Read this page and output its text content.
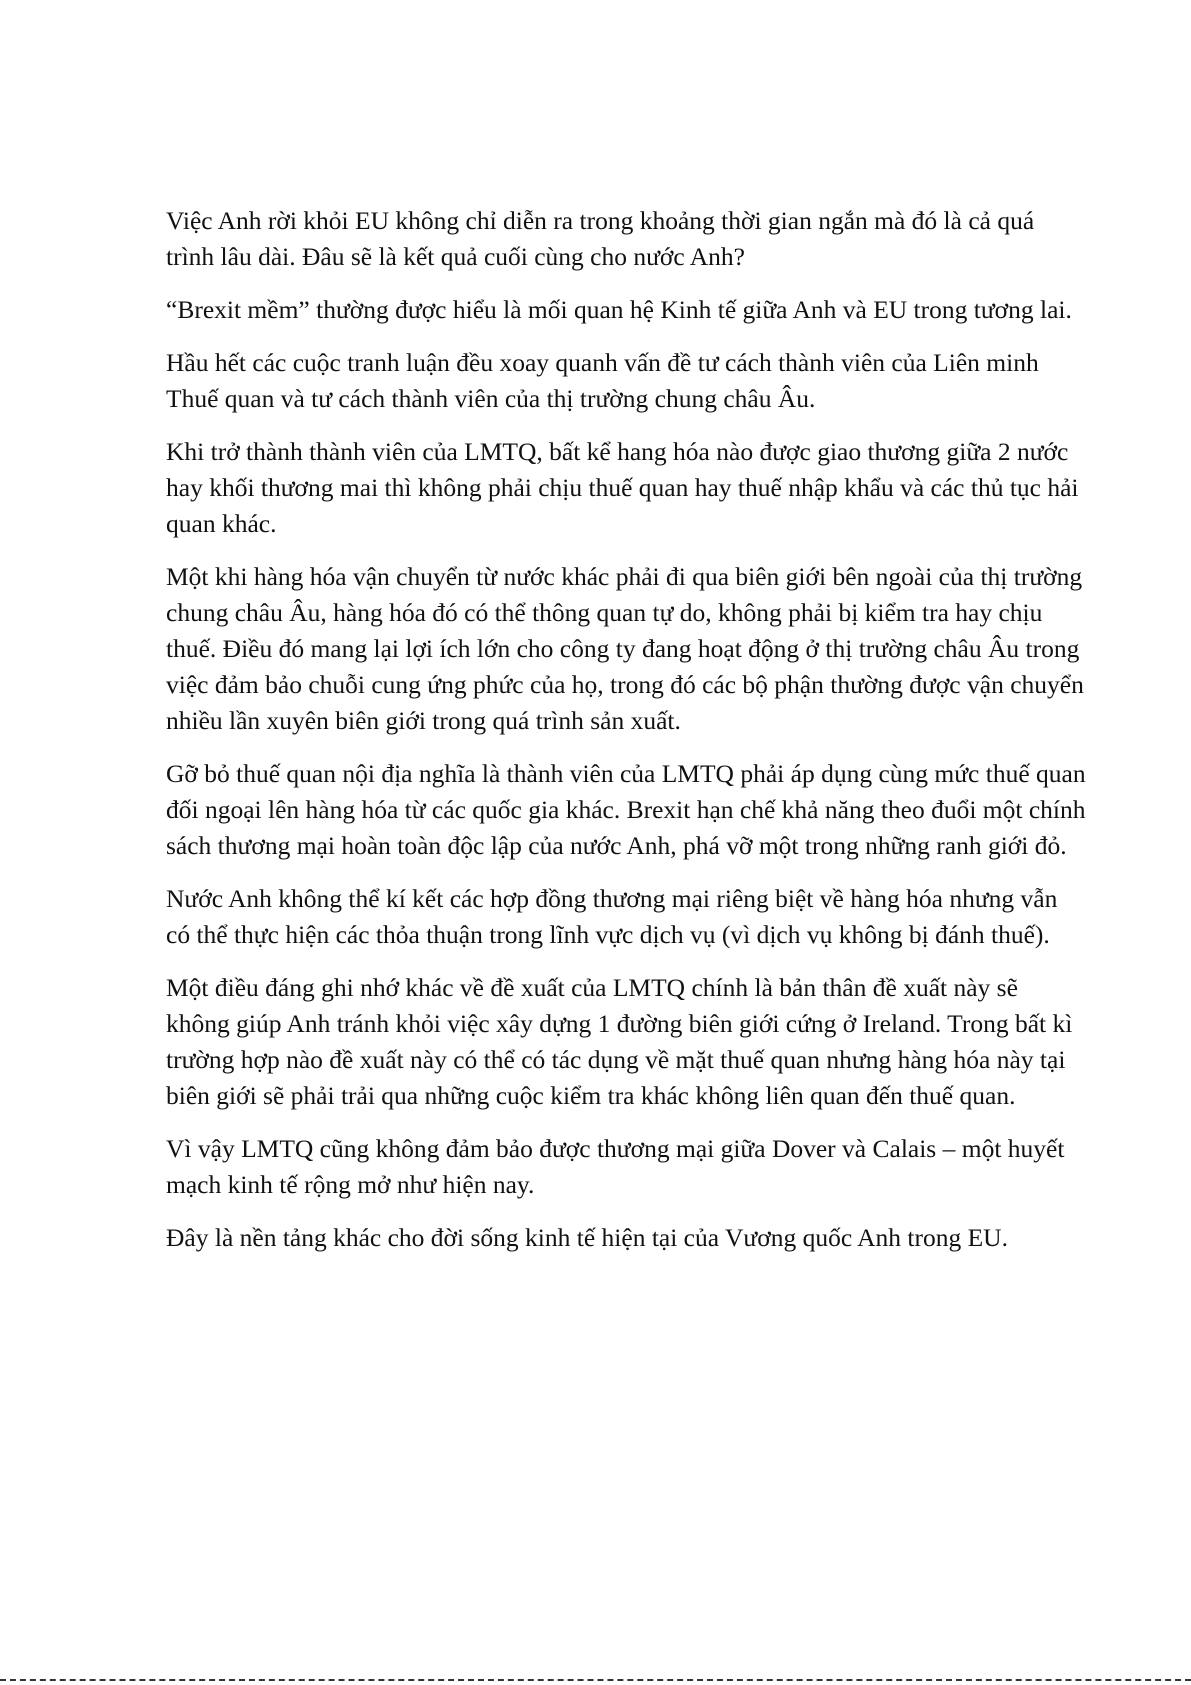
Việc Anh rời khỏi EU không chỉ diễn ra trong khoảng thời gian ngắn mà đó là cả quá trình lâu dài. Đâu sẽ là kết quả cuối cùng cho nước Anh?

“Brexit mềm” thường được hiểu là mối quan hệ Kinh tế giữa Anh và EU trong tương lai.

Hầu hết các cuộc tranh luận đều xoay quanh vấn đề tư cách thành viên của Liên minh Thuế quan và tư cách thành viên của thị trường chung châu Âu.

Khi trở thành thành viên của LMTQ, bất kể hang hóa nào được giao thương giữa 2 nước hay khối thương mai thì không phải chịu thuế quan hay thuế nhập khẩu và các thủ tục hải quan khác.

Một khi hàng hóa vận chuyển từ nước khác phải đi qua biên giới bên ngoài của thị trường chung châu Âu, hàng hóa đó có thể thông quan tự do, không phải bị kiểm tra hay chịu thuế. Điều đó mang lại lợi ích lớn cho công ty đang hoạt động ở thị trường châu Âu trong việc đảm bảo chuỗi cung ứng phức của họ, trong đó các bộ phận thường được vận chuyển nhiều lần xuyên biên giới trong quá trình sản xuất.

Gỡ bỏ thuế quan nội địa nghĩa là thành viên của LMTQ phải áp dụng cùng mức thuế quan đối ngoại lên hàng hóa từ các quốc gia khác. Brexit hạn chế khả năng theo đuổi một chính sách thương mại hoàn toàn độc lập của nước Anh, phá vỡ một trong những ranh giới đỏ.

Nước Anh không thể kí kết các hợp đồng thương mại riêng biệt về hàng hóa nhưng vẫn có thể thực hiện các thỏa thuận trong lĩnh vực dịch vụ (vì dịch vụ không bị đánh thuế).

Một điều đáng ghi nhớ khác về đề xuất của LMTQ chính là bản thân đề xuất này sẽ không giúp Anh tránh khỏi việc xây dựng 1 đường biên giới cứng ở Ireland. Trong bất kì trường hợp nào đề xuất này có thể có tác dụng về mặt thuế quan nhưng hàng hóa này tại biên giới sẽ phải trải qua những cuộc kiểm tra khác không liên quan đến thuế quan.

Vì vậy LMTQ cũng không đảm bảo được thương mại giữa Dover và Calais – một huyết mạch kinh tế rộng mở như hiện nay.

Đây là nền tảng khác cho đời sống kinh tế hiện tại của Vương quốc Anh trong EU.
